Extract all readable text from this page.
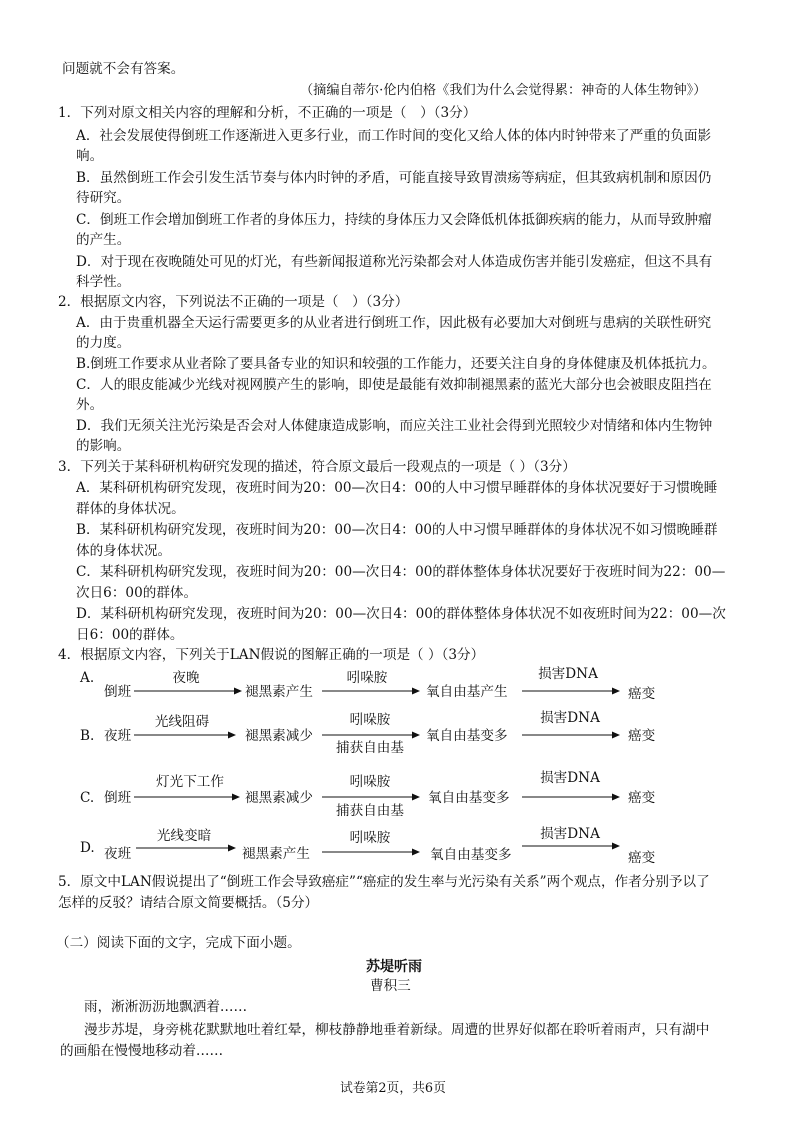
问题就不会有答案。
（摘编自蒂尔·伦内伯格《我们为什么会觉得累：神奇的人体生物钟》）
1．下列对原文相关内容的理解和分析，不正确的一项是（　）（3分）
A．社会发展使得倒班工作逐渐进入更多行业，而工作时间的变化又给人体的体内时钟带来了严重的负面影
响。
B．虽然倒班工作会引发生活节奏与体内时钟的矛盾，可能直接导致胃溃疡等病症，但其致病机制和原因仍
待研究。
C．倒班工作会增加倒班工作者的身体压力，持续的身体压力又会降低机体抵御疾病的能力，从而导致肿瘤
的产生。
D．对于现在夜晚随处可见的灯光，有些新闻报道称光污染都会对人体造成伤害并能引发癌症，但这不具有
科学性。
2．根据原文内容，下列说法不正确的一项是（　）（3分）
A．由于贵重机器全天运行需要更多的从业者进行倒班工作，因此极有必要加大对倒班与患病的关联性研究
的力度。
B.倒班工作要求从业者除了要具备专业的知识和较强的工作能力，还要关注自身的身体健康及机体抵抗力。
C．人的眼皮能减少光线对视网膜产生的影响，即使是最能有效抑制褪黑素的蓝光大部分也会被眼皮阻挡在
外。
D．我们无须关注光污染是否会对人体健康造成影响，而应关注工业社会得到光照较少对情绪和体内生物钟
的影响。
3．下列关于某科研机构研究发现的描述，符合原文最后一段观点的一项是（ ）（3分）
A．某科研机构研究发现，夜班时间为20：00—次日4：00的人中习惯早睡群体的身体状况要好于习惯晚睡
群体的身体状况。
B．某科研机构研究发现，夜班时间为20：00—次日4：00的人中习惯早睡群体的身体状况不如习惯晚睡群
体的身体状况。
C．某科研机构研究发现，夜班时间为20：00—次日4：00的群体整体身体状况要好于夜班时间为22：00—
次日6：00的群体。
D．某科研机构研究发现，夜班时间为20：00—次日4：00的群体整体身体状况不如夜班时间为22：00—次
日6：00的群体。
4．根据原文内容，下列关于LAN假说的图解正确的一项是（ ）（3分）
A.
倒班
夜晚
褪黑素产生
吲哚胺
氧自由基产生
损害DNA
癌变
B. 夜班
光线阻碍
褪黑素减少
吲哚胺
捕获自由基
氧自由基变多
损害DNA
癌变
C. 倒班
灯光下工作
褪黑素减少
吲哚胺
捕获自由基
氧自由基变多
损害DNA
癌变
D. 夜班
光线变暗
褪黑素产生
吲哚胺
氧自由基变多
损害DNA
癌变
5．原文中LAN假说提出了“倒班工作会导致癌症”“癌症的发生率与光污染有关系”两个观点，作者分别予以了
怎样的反驳？请结合原文简要概括。（5分）
（二）阅读下面的文字，完成下面小题。
苏堤听雨
曹积三
雨，淅淅沥沥地飘洒着……
漫步苏堤，身旁桃花默默地吐着红晕，柳枝静静地垂着新绿。周遭的世界好似都在聆听着雨声，只有湖中
的画船在慢慢地移动着……
试卷第2页，共6页
